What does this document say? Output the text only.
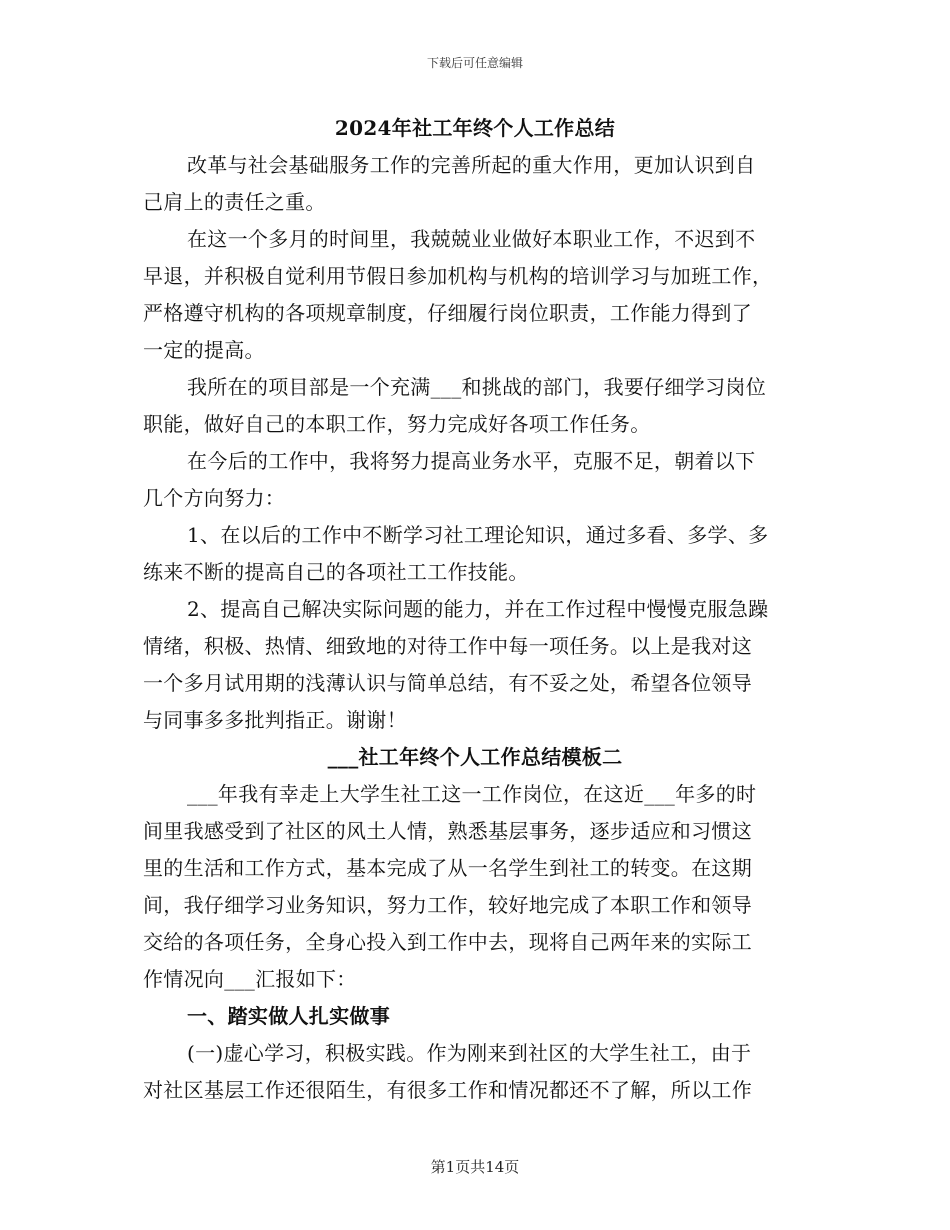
下载后可任意编辑
2024年社工年终个人工作总结
改革与社会基础服务工作的完善所起的重大作用，更加认识到自
己肩上的责任之重。
在这一个多月的时间里，我兢兢业业做好本职业工作，不迟到不
早退，并积极自觉利用节假日参加机构与机构的培训学习与加班工作，
严格遵守机构的各项规章制度，仔细履行岗位职责，工作能力得到了
一定的提高。
我所在的项目部是一个充满___和挑战的部门，我要仔细学习岗位
职能，做好自己的本职工作，努力完成好各项工作任务。
在今后的工作中，我将努力提高业务水平，克服不足，朝着以下
几个方向努力：
1、在以后的工作中不断学习社工理论知识，通过多看、多学、多
练来不断的提高自己的各项社工工作技能。
2、提高自己解决实际问题的能力，并在工作过程中慢慢克服急躁
情绪，积极、热情、细致地的对待工作中每一项任务。以上是我对这
一个多月试用期的浅薄认识与简单总结，有不妥之处，希望各位领导
与同事多多批判指正。谢谢！
___社工年终个人工作总结模板二
___年我有幸走上大学生社工这一工作岗位，在这近___年多的时
间里我感受到了社区的风土人情，熟悉基层事务，逐步适应和习惯这
里的生活和工作方式，基本完成了从一名学生到社工的转变。在这期
间，我仔细学习业务知识，努力工作，较好地完成了本职工作和领导
交给的各项任务，全身心投入到工作中去，现将自己两年来的实际工
作情况向___汇报如下：
一、踏实做人扎实做事
(一)虚心学习，积极实践。作为刚来到社区的大学生社工，由于
对社区基层工作还很陌生，有很多工作和情况都还不了解，所以工作
第1页共14页
